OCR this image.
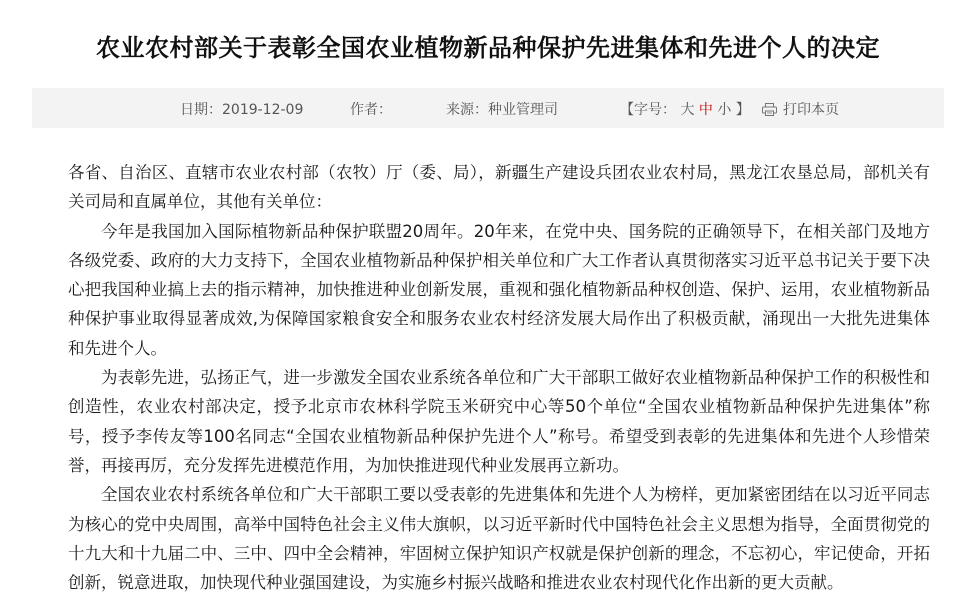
农业农村部关于表彰全国农业植物新品种保护先进集体和先进个人的决定
日期：2019-12-09	作者：	来源：种业管理司	【字号： 大 中 小 】	打印本页

各省、自治区、直辖市农业农村部（农牧）厅（委、局），新疆生产建设兵团农业农村局，黑龙江农垦总局，部机关有关司局和直属单位，其他有关单位：

今年是我国加入国际植物新品种保护联盟20周年。20年来，在党中央、国务院的正确领导下，在相关部门及地方各级党委、政府的大力支持下，全国农业植物新品种保护相关单位和广大工作者认真贯彻落实习近平总书记关于要下决心把我国种业搞上去的指示精神，加快推进种业创新发展，重视和强化植物新品种权创造、保护、运用，农业植物新品种保护事业取得显著成效,为保障国家粮食安全和服务农业农村经济发展大局作出了积极贡献，涌现出一大批先进集体和先进个人。

为表彰先进，弘扬正气，进一步激发全国农业系统各单位和广大干部职工做好农业植物新品种保护工作的积极性和创造性，农业农村部决定，授予北京市农林科学院玉米研究中心等50个单位“全国农业植物新品种保护先进集体”称号，授予李传友等100名同志“全国农业植物新品种保护先进个人”称号。希望受到表彰的先进集体和先进个人珍惜荣誉，再接再厉，充分发挥先进模范作用，为加快推进现代种业发展再立新功。

全国农业农村系统各单位和广大干部职工要以受表彰的先进集体和先进个人为榜样，更加紧密团结在以习近平同志为核心的党中央周围，高举中国特色社会主义伟大旗帜，以习近平新时代中国特色社会主义思想为指导，全面贯彻党的十九大和十九届二中、三中、四中全会精神，牢固树立保护知识产权就是保护创新的理念，不忘初心，牢记使命，开拓创新，锐意进取，加快现代种业强国建设，为实施乡村振兴战略和推进农业农村现代化作出新的更大贡献。
